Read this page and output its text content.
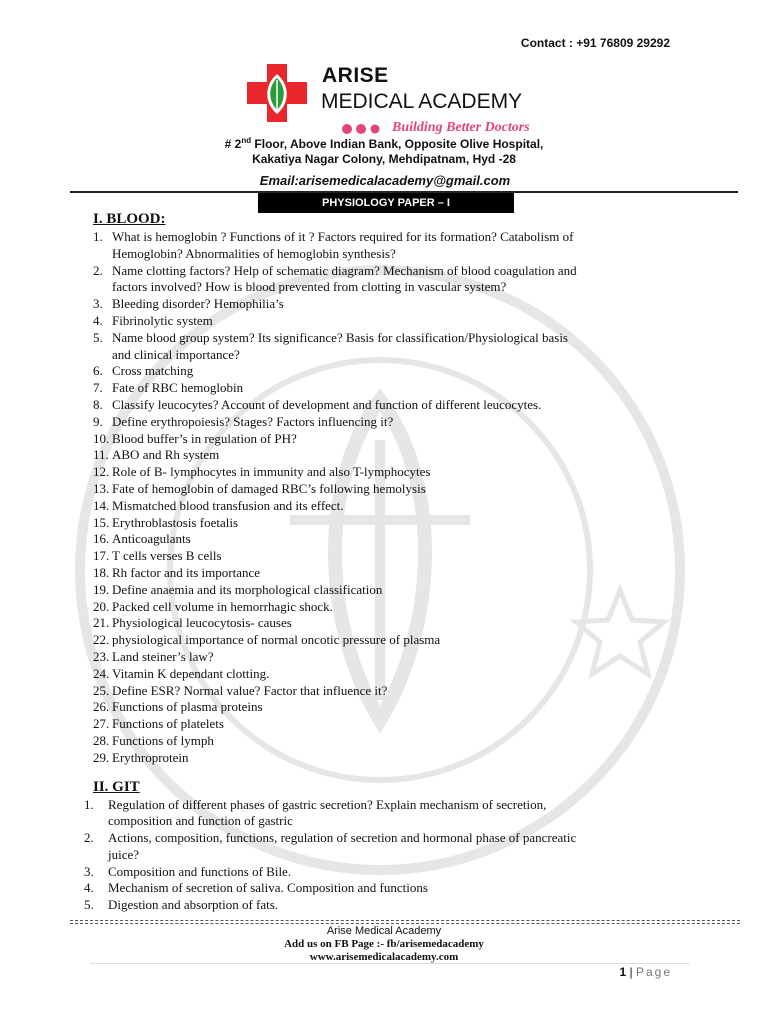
Contact : +91 76809 29292
ARISE
MEDICAL ACADEMY
Building Better Doctors
# 2nd Floor, Above Indian Bank, Opposite Olive Hospital,
Kakatiya Nagar Colony, Mehdipatnam, Hyd -28
Email:arisemedicalacademy@gmail.com
PHYSIOLOGY PAPER – I
I. BLOOD:
1. What is hemoglobin ? Functions of it ? Factors required for its formation? Catabolism of
Hemoglobin? Abnormalities of hemoglobin synthesis?
2. Name clotting factors? Help of schematic diagram? Mechanism of blood coagulation and
factors involved? How is blood prevented from clotting in vascular system?
3. Bleeding disorder? Hemophilia’s
4. Fibrinolytic system
5. Name blood group system? Its significance? Basis for classification/Physiological basis
and clinical importance?
6. Cross matching
7. Fate of RBC hemoglobin
8. Classify leucocytes? Account of development and function of different leucocytes.
9. Define erythropoiesis? Stages? Factors influencing it?
10. Blood buffer’s in regulation of PH?
11. ABO and Rh system
12. Role of B- lymphocytes in immunity and also T-lymphocytes
13. Fate of hemoglobin of damaged RBC’s following hemolysis
14. Mismatched blood transfusion and its effect.
15. Erythroblastosis foetalis
16. Anticoagulants
17. T cells verses B cells
18. Rh factor and its importance
19. Define anaemia and its morphological classification
20. Packed cell volume in hemorrhagic shock.
21. Physiological leucocytosis- causes
22. physiological importance of normal oncotic pressure of plasma
23. Land steiner’s law?
24. Vitamin K dependant clotting.
25. Define ESR? Normal value? Factor that influence it?
26. Functions of plasma proteins
27. Functions of platelets
28. Functions of lymph
29. Erythroprotein
II. GIT
1. Regulation of different phases of gastric secretion? Explain mechanism of secretion,
composition and function of gastric
2. Actions, composition, functions, regulation of secretion and hormonal phase of pancreatic
juice?
3. Composition and functions of Bile.
4. Mechanism of secretion of saliva. Composition and functions
5. Digestion and absorption of fats.
Arise Medical Academy
Add us on FB Page :- fb/arisemedacademy
www.arisemedicalacademy.com
1 | Page
